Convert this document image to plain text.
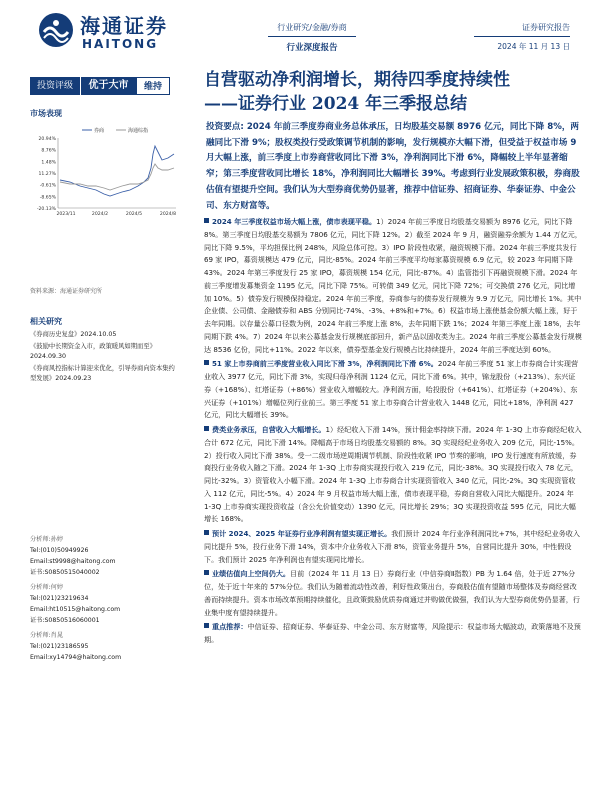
海通证券
HAITONG
行业研究/金融/券商
行业深度报告
证券研究报告
2024 年 11 月 13 日
投资评级	优于大市	维持	自营驱动净利润增长，期待四季度持续性
——证券行业 2024 年三季报总结
市场表现
20.94%
8.76%
1.48%
11.27%
-0.61%
-8.65%
-20.13%
2023/11	2024/2	2024/5	2024/8
券商	海通综指
资料来源：海通证券研究所
相关研究
《券商历史复盘》2024.10.05
《鼓励中长期资金入市，政策暖风如期而至》2024.09.30
《券商风控指标计算迎来优化，引导券商向资本集约型发展》2024.09.23
分析师:孙婷
Tel:(010)50949926
Email:st9998@haitong.com
证书:S0850515040002
分析师:何婷
Tel:(021)23219634
Email:ht10515@haitong.com
证书:S0850516060001
分析师:肖晁
Tel:(021)23186595
Email:xy14794@haitong.com
投资要点: 2024 年前三季度券商业务总体承压，日均股基交易额 8976 亿元，同比下降 8%，两融同比下滑 9%；股权类投行受政策调节机制的影响，发行规模亦大幅下滑，但受益于权益市场 9 月大幅上涨，前三季度上市券商营收同比下滑 3%，净利润同比下滑 6%，降幅较上半年显著缩窄；第三季度营收同比增长 18%，净利润同比大幅增长 39%。考虑到行业发展政策积极，券商股估值有望提升空间。我们认为大型券商优势仍显著，推荐中信证券、招商证券、华泰证券、中金公司、东方财富等。
2024 年三季度权益市场大幅上涨，债市表现平稳。1）2024 年前三季度日均股基交易额为 8976 亿元，同比下降 8%。第三季度日均股基交易额为 7806 亿元，同比下降 12%。2）截至 2024 年 9 月，融资融券余额为 1.44 万亿元，同比下降 9.5%，平均担保比例 248%，风险总体可控。3）IPO 阶段性收紧，融资规模下滑。2024 年前三季度共发行 69 家 IPO，募资规模达 479 亿元，同比-85%。2024 年前三季度平均每家募资规模 6.9 亿元，较 2023 年同期下降 43%。2024 年第三季度发行 25 家 IPO，募资规模 154 亿元，同比-87%。4）监管指引下再融资规模下滑。2024 年前三季度增发募集资金 1195 亿元，同比下降 75%。可转债 349 亿元，同比下降 72%；可交换债 276 亿元，同比增加 10%。5）债券发行规模保持稳定。2024 年前三季度，券商参与的债券发行规模为 9.9 万亿元，同比增长 1%。其中企业债、公司债、金融债券和 ABS 分别同比-74%、-3%、+8%和+7%。6）权益市场上涨使基金份额大幅上涨，好于去年同期。以存量公募口径数为例，2024 年前三季度上涨 8%，去年同期下跌 1%；2024 年第三季度上涨 18%，去年同期下跌 4%。7）2024 年以来公募基金发行规模底部回升，新产品以固收类为主。2024 年前三季度公募基金发行规模达 8536 亿份，同比+11%。2022 年以来，债券型基金发行规模占比持续提升，2024 年前三季度达到 60%。
51 家上市券商前三季度营业收入同比下滑 3%，净利润同比下滑 6%。2024 年前三季度 51 家上市券商合计实现营业收入 3977 亿元，同比下滑 3%，实现归母净利润 1124 亿元，同比下滑 6%。其中，锦龙股份（+213%）、东兴证券（+168%）、红塔证券（+86%）营业收入增幅较大。净利润方面，哈投股份（+641%）、红塔证券（+204%）、东兴证券（+101%）增幅位列行业前三。第三季度 51 家上市券商合计营业收入 1448 亿元，同比+18%，净利润 427 亿元，同比大幅增长 39%。
费类业务承压，自营收入大幅增长。1）经纪收入下滑 14%，预计佣金率持续下滑。2024 年 1-3Q 上市券商经纪收入合计 672 亿元，同比下滑 14%。降幅高于市场日均股基交易额的 8%。3Q 实现经纪业务收入 209 亿元，同比-15%。2）投行收入同比下滑 38%。受一二级市场逆周期调节机制、阶段性收紧 IPO 节奏的影响，IPO 发行速度有所放缓，券商投行业务收入随之下滑。2024 年 1-3Q 上市券商实现投行收入 219 亿元，同比-38%。3Q 实现投行收入 78 亿元，同比-32%。3）资管收入小幅下滑。2024 年 1-3Q 上市券商合计实现资管收入 340 亿元，同比-2%。3Q 实现资管收入 112 亿元，同比-5%。4）2024 年 9 月权益市场大幅上涨，债市表现平稳，券商自营收入同比大幅提升。2024 年 1-3Q 上市券商实现投资收益（含公允价值变动）1390 亿元，同比增长 29%；3Q 实现投资收益 595 亿元，同比大幅增长 168%。
预计 2024、2025 年证券行业净利润有望实现正增长。我们预计 2024 年行业净利润同比+7%，其中经纪业务收入同比提升 5%，投行业务下滑 14%，资本中介业务收入下滑 8%，资管业务提升 5%，自营同比提升 30%，中性假设下。我们预计 2025 年净利润也有望实现同比增长。
业绩估值向上空间仍大。目前（2024 年 11 月 13 日）券商行业（中信券商Ⅱ指数）PB 为 1.64 倍，处于近 27%分位，处于近十年来的 57%分位。我们认为随着流动性改善，利好性政策出台，券商股估值有望随市场整体及券商经营改善而持续提升。资本市场改革预期持续催化，且政策鼓励优质券商通过并购做优做强，我们认为大型券商优势仍显著，行业集中度有望持续提升。
重点推荐：中信证券、招商证券、华泰证券、中金公司、东方财富等，风险提示：权益市场大幅波动，政策落地不及预期。
